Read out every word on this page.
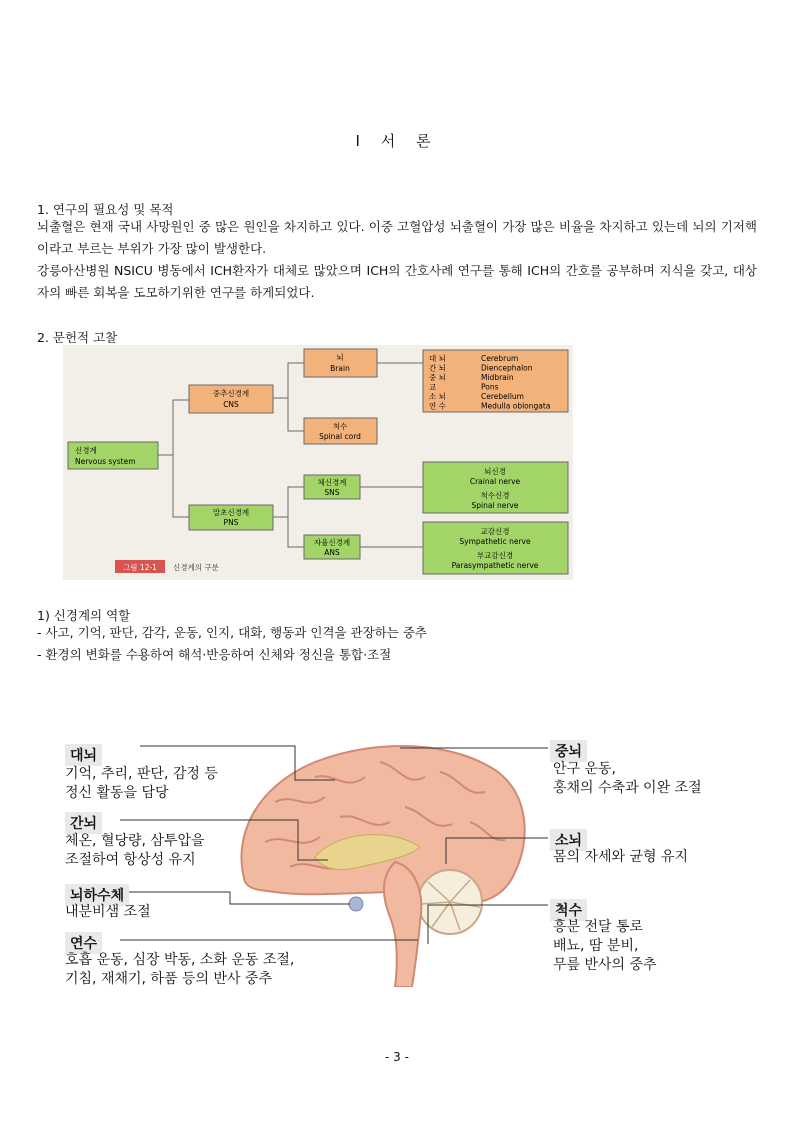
Ⅰ 서 론
1. 연구의 필요성 및 목적

뇌출혈은 현재 국내 사망원인 중 많은 원인을 차지하고 있다. 이중 고혈압성 뇌출혈이 가장 많은 비율을 차지하고 있는데 뇌의 기저핵이라고 부르는 부위가 가장 많이 발생한다.

강릉아산병원 NSICU 병동에서 ICH환자가 대체로 많았으며 ICH의 간호사례 연구를 통해 ICH의 간호를 공부하며 지식을 갖고, 대상자의 빠른 회복을 도모하기위한 연구를 하게되었다.

2. 문헌적 고찰
신경계
Nervous system
중추신경계
CNS
말초신경계
PNS
뇌
Brain
척수
Spinal cord
체신경계
SNS
자율신경계
ANS
대 뇌	Cerebrum
간 뇌	Diencephalon
중 뇌	Midbrain
교	Pons
소 뇌	Cerebellum
연 수	Medulla oblongata
뇌신경
Crainal nerve
척수신경
Spinal nerve
교감신경
Sympathetic nerve
부교감신경
Parasympathetic nerve
그림 12-1 신경계의 구분
1) 신경계의 역할
- 사고, 기억, 판단, 감각, 운동, 인지, 대화, 행동과 인격을 관장하는 중추
- 환경의 변화를 수용하여 해석·반응하여 신체와 정신을 통합·조절
대뇌
기억, 추리, 판단, 감정 등
정신 활동을 담당
간뇌
체온, 혈당량, 삼투압을
조절하여 항상성 유지
뇌하수체
내분비샘 조절
연수
호흡 운동, 심장 박동, 소화 운동 조절,
기침, 재채기, 하품 등의 반사 중추
중뇌
안구 운동,
홍채의 수축과 이완 조절
소뇌
몸의 자세와 균형 유지
척수
흥분 전달 통로
배뇨, 땀 분비,
무릎 반사의 중추
- 3 -
